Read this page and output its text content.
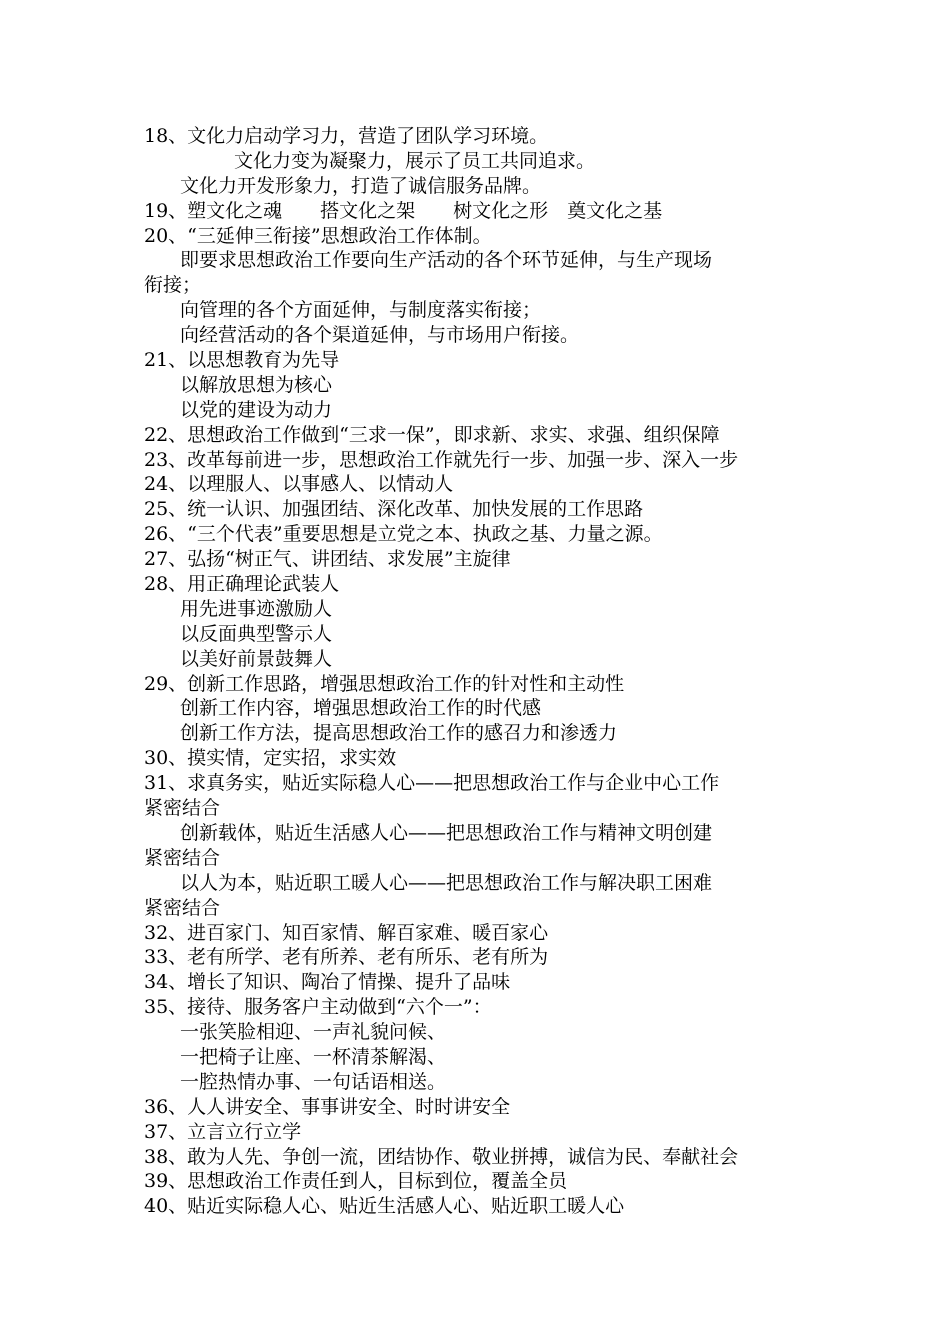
18、文化力启动学习力，营造了团队学习环境。
文化力变为凝聚力，展示了员工共同追求。
文化力开发形象力，打造了诚信服务品牌。
19、塑文化之魂　　搭文化之架　　树文化之形　奠文化之基
20、“三延伸三衔接”思想政治工作体制。
即要求思想政治工作要向生产活动的各个环节延伸，与生产现场
衔接；
向管理的各个方面延伸，与制度落实衔接；
向经营活动的各个渠道延伸，与市场用户衔接。
21、以思想教育为先导
以解放思想为核心
以党的建设为动力
22、思想政治工作做到“三求一保”，即求新、求实、求强、组织保障
23、改革每前进一步，思想政治工作就先行一步、加强一步、深入一步
24、以理服人、以事感人、以情动人
25、统一认识、加强团结、深化改革、加快发展的工作思路
26、“三个代表”重要思想是立党之本、执政之基、力量之源。
27、弘扬“树正气、讲团结、求发展”主旋律
28、用正确理论武装人
用先进事迹激励人
以反面典型警示人
以美好前景鼓舞人
29、创新工作思路，增强思想政治工作的针对性和主动性
创新工作内容，增强思想政治工作的时代感
创新工作方法，提高思想政治工作的感召力和渗透力
30、摸实情，定实招，求实效
31、求真务实，贴近实际稳人心——把思想政治工作与企业中心工作
紧密结合
创新载体，贴近生活感人心——把思想政治工作与精神文明创建
紧密结合
以人为本，贴近职工暖人心——把思想政治工作与解决职工困难
紧密结合
32、进百家门、知百家情、解百家难、暖百家心
33、老有所学、老有所养、老有所乐、老有所为
34、增长了知识、陶冶了情操、提升了品味
35、接待、服务客户主动做到“六个一”：
一张笑脸相迎、一声礼貌问候、
一把椅子让座、一杯清茶解渴、
一腔热情办事、一句话语相送。
36、人人讲安全、事事讲安全、时时讲安全
37、立言立行立学
38、敢为人先、争创一流，团结协作、敬业拼搏，诚信为民、奉献社会
39、思想政治工作责任到人，目标到位，覆盖全员
40、贴近实际稳人心、贴近生活感人心、贴近职工暖人心
